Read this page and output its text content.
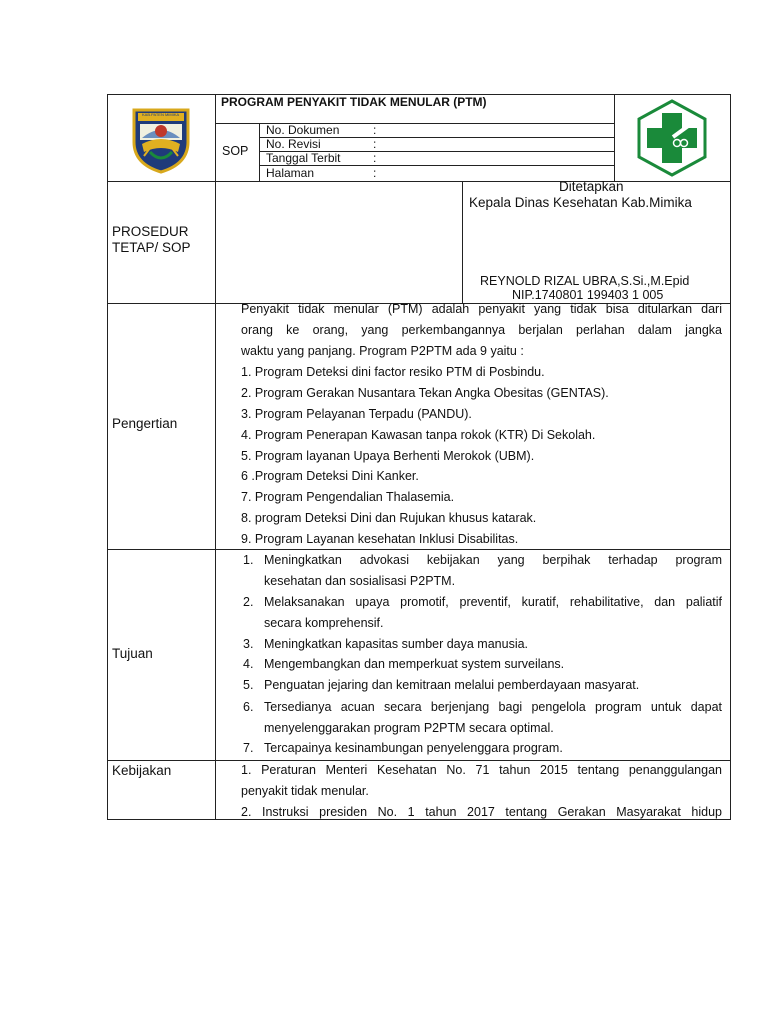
KAB.PATEN MIMIKA
PROGRAM PENYAKIT TIDAK MENULAR (PTM)
SOP
No. Dokumen	:
No. Revisi	:
Tanggal Terbit	:
Halaman	:
PROSEDUR
TETAP/ SOP
Ditetapkan
Kepala Dinas Kesehatan Kab.Mimika
REYNOLD RIZAL UBRA,S.Si.,M.Epid
NIP.1740801 199403 1 005
Pengertian
Penyakit tidak menular (PTM) adalah penyakit yang tidak bisa ditularkan dari
orang ke orang, yang perkembangannya berjalan perlahan dalam jangka
waktu yang panjang. Program P2PTM ada 9 yaitu :
1. Program Deteksi dini factor resiko PTM di Posbindu.
2. Program Gerakan Nusantara Tekan Angka Obesitas (GENTAS).
3. Program Pelayanan Terpadu (PANDU).
4. Program Penerapan Kawasan tanpa rokok (KTR) Di Sekolah.
5. Program layanan Upaya Berhenti Merokok (UBM).
6 .Program Deteksi Dini Kanker.
7. Program Pengendalian Thalasemia.
8. program Deteksi Dini dan Rujukan khusus katarak.
9. Program Layanan kesehatan Inklusi Disabilitas.
Tujuan
1. Meningkatkan advokasi kebijakan yang berpihak terhadap program
kesehatan dan sosialisasi P2PTM.
2. Melaksanakan upaya promotif, preventif, kuratif, rehabilitative, dan paliatif
secara komprehensif.
3. Meningkatkan kapasitas sumber daya manusia.
4. Mengembangkan dan memperkuat system surveilans.
5. Penguatan jejaring dan kemitraan melalui pemberdayaan masyarat.
6. Tersedianya acuan secara berjenjang bagi pengelola program untuk dapat
menyelenggarakan program P2PTM secara optimal.
7. Tercapainya kesinambungan penyelenggara program.
Kebijakan	1. Peraturan Menteri Kesehatan No. 71 tahun 2015 tentang penanggulangan
penyakit tidak menular.
2. Instruksi presiden No. 1 tahun 2017 tentang Gerakan Masyarakat hidup
